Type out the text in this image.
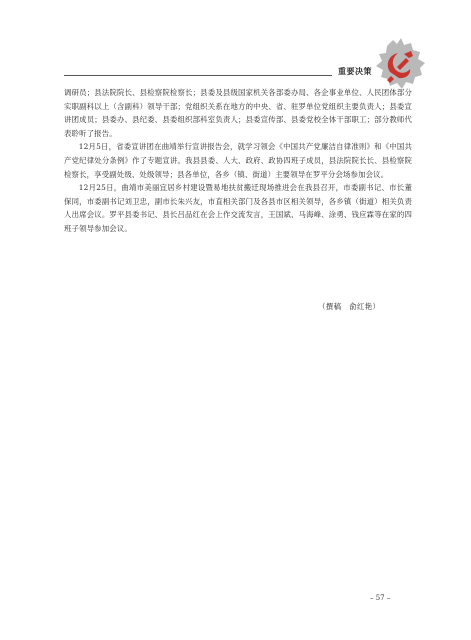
重要决策

调研员；县法院院长、县检察院检察长；县委及县级国家机关各部委办局、各企事业单位、人民团体部分实职副科以上（含副科）领导干部；党组织关系在地方的中央、省、驻罗单位党组织主要负责人；县委宣讲团成员；县委办、县纪委、县委组织部科室负责人；县委宣传部、县委党校全体干部职工；部分教师代表聆听了报告。

12月5日，省委宣讲团在曲靖举行宣讲报告会，就学习领会《中国共产党廉洁自律准则》和《中国共产党纪律处分条例》作了专题宣讲。我县县委、人大、政府、政协四班子成员，县法院院长长、县检察院检察长，享受副处级、处级领导；县各单位，各乡（镇、街道）主要领导在罗平分会场参加会议。

12月25日，曲靖市美丽宜居乡村建设暨易地扶贫搬迁现场推进会在我县召开，市委副书记、市长董保同，市委副书记刘卫忠，副市长朱兴友，市直相关部门及各县市区相关领导，各乡镇（街道）相关负责人出席会议。罗平县委书记、县长吕品红在会上作交流发言，王国斌、马海峰、涂勇、钱应霖等在家的四班子领导参加会议。

（撰稿　俞红艳）
– 57 –
